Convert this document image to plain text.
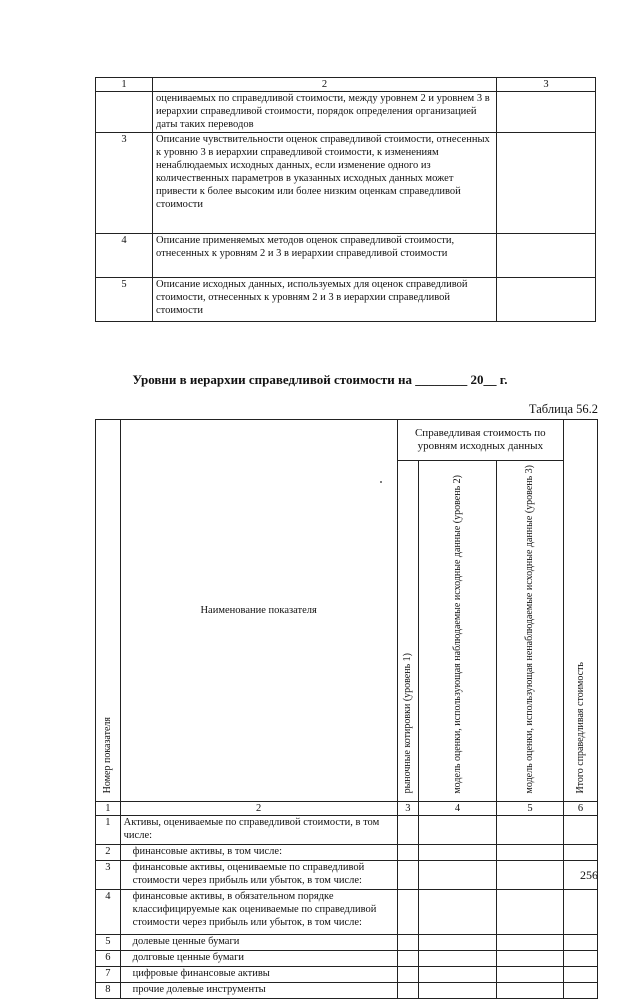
1	2	3
	оцениваемых по справедливой стоимости, между уровнем 2 и уровнем 3 в иерархии справедливой стоимости, порядок определения организацией даты таких переводов	
3	Описание чувствительности оценок справедливой стоимости, отнесенных к уровню 3 в иерархии справедливой стоимости, к изменениям ненаблюдаемых исходных данных, если изменение одного из количественных параметров в указанных исходных данных может привести к более высоким или более низким оценкам справедливой стоимости	
4	Описание применяемых методов оценок справедливой стоимости, отнесенных к уровням 2 и 3 в иерархии справедливой стоимости	
5	Описание исходных данных, используемых для оценок справедливой стоимости, отнесенных к уровням 2 и 3 в иерархии справедливой стоимости	
Уровни в иерархии справедливой стоимости на ________ 20__ г.
Таблица 56.2
Номер показателя	Наименование показателя	Справедливая стоимость по уровням исходных данных			Итого справедливая стоимость
		рыночные котировки (уровень 1)	модель оценки, использующая наблюдаемые исходные данные (уровень 2)	модель оценки, использующая ненаблюдаемые исходные данные (уровень 3)	
1	2	3	4	5	6
1	Активы, оцениваемые по справедливой стоимости, в том числе:				
2	финансовые активы, в том числе:				
3	финансовые активы, оцениваемые по справедливой стоимости через прибыль или убыток, в том числе:				
4	финансовые активы, в обязательном порядке классифицируемые как оцениваемые по справедливой стоимости через прибыль или убыток, в том числе:				
5	долевые ценные бумаги				
6	долговые ценные бумаги				
7	цифровые финансовые активы				
8	прочие долевые инструменты				
256
